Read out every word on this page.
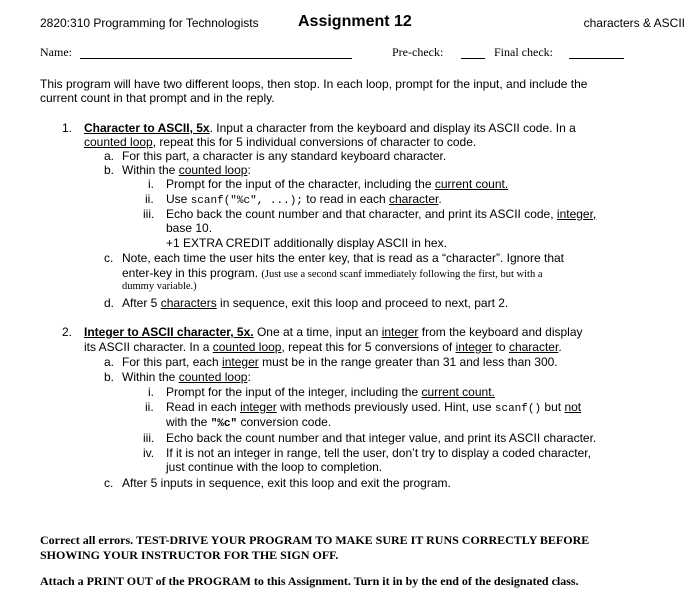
2820:310 Programming for Technologists Assignment 12	characters & ASCII
Name:	Pre-check:	Final check:
This program will have two different loops, then stop. In each loop, prompt for the input, and include the
current count in that prompt and in the reply.
1. Character to ASCII, 5x. Input a character from the keyboard and display its ASCII code. In a
counted loop, repeat this for 5 individual conversions of character to code.
a. For this part, a character is any standard keyboard character.
b. Within the counted loop:
i. Prompt for the input of the character, including the current count.
ii. Use scanf("%c", ...); to read in each character.
iii. Echo back the count number and that character, and print its ASCII code, integer,
base 10.
+1 EXTRA CREDIT additionally display ASCII in hex.
c. Note, each time the user hits the enter key, that is read as a “character”. Ignore that
enter-key in this program. (Just use a second scanf immediately following the first, but with a
dummy variable.)
d. After 5 characters in sequence, exit this loop and proceed to next, part 2.
2. Integer to ASCII character, 5x. One at a time, input an integer from the keyboard and display
its ASCII character. In a counted loop, repeat this for 5 conversions of integer to character.
a. For this part, each integer must be in the range greater than 31 and less than 300.
b. Within the counted loop:
i. Prompt for the input of the integer, including the current count.
ii. Read in each integer with methods previously used. Hint, use scanf() but not
with the "%c" conversion code.
iii. Echo back the count number and that integer value, and print its ASCII character.
iv. If it is not an integer in range, tell the user, don’t try to display a coded character,
just continue with the loop to completion.
c. After 5 inputs in sequence, exit this loop and exit the program.
Correct all errors. TEST-DRIVE YOUR PROGRAM TO MAKE SURE IT RUNS CORRECTLY BEFORE
SHOWING YOUR INSTRUCTOR FOR THE SIGN OFF.
Attach a PRINT OUT of the PROGRAM to this Assignment. Turn it in by the end of the designated class.
